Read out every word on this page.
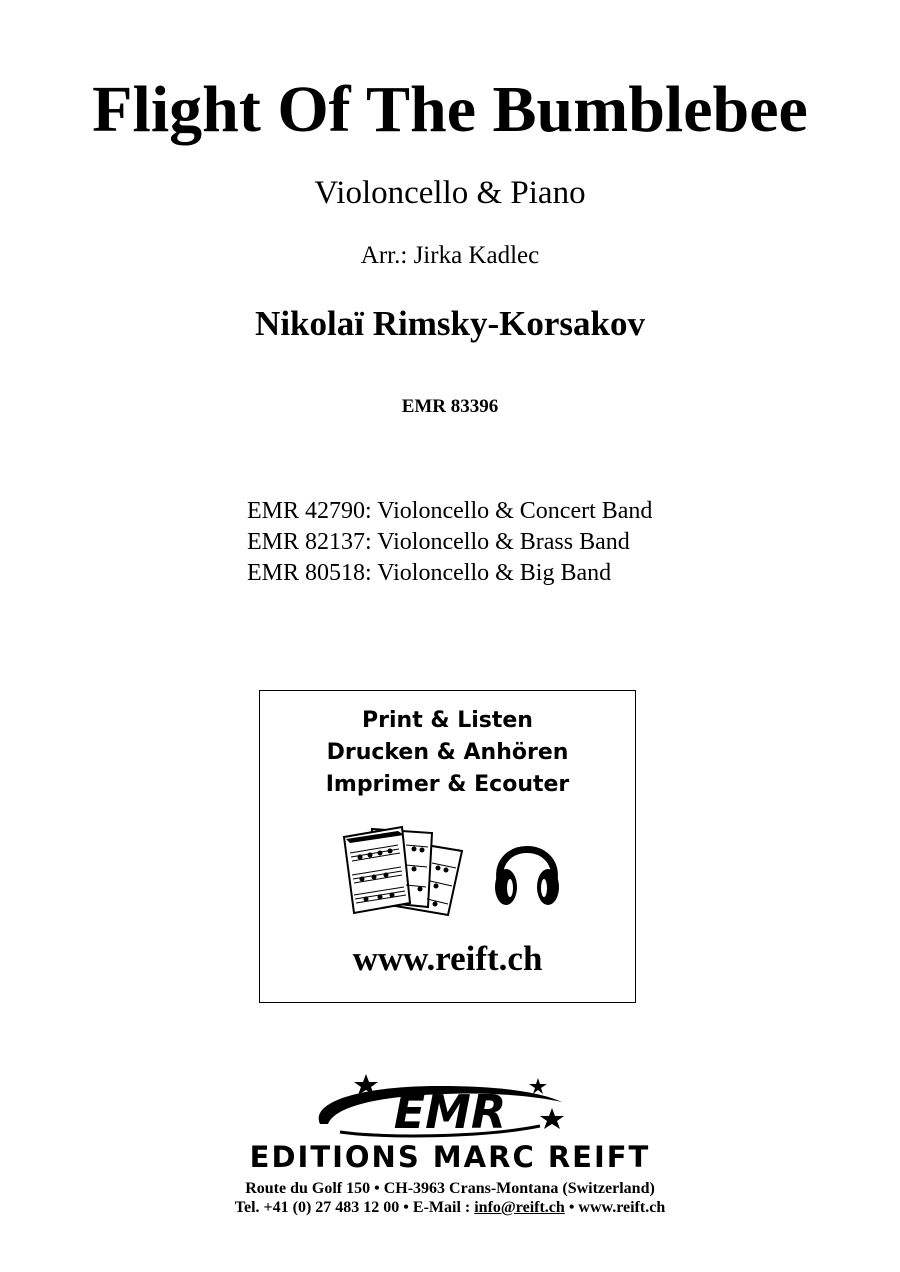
Flight Of The Bumblebee
Violoncello & Piano
Arr.: Jirka Kadlec
Nikolaï Rimsky-Korsakov
EMR 83396
EMR 42790: Violoncello & Concert Band
EMR 82137: Violoncello & Brass Band
EMR 80518: Violoncello & Big Band
Print & Listen
Drucken & Anhören
Imprimer & Ecouter
www.reift.ch
EMR
EDITIONS MARC REIFT
Route du Golf 150 • CH-3963 Crans-Montana (Switzerland)
Tel. +41 (0) 27 483 12 00 • E-Mail : info@reift.ch • www.reift.ch
